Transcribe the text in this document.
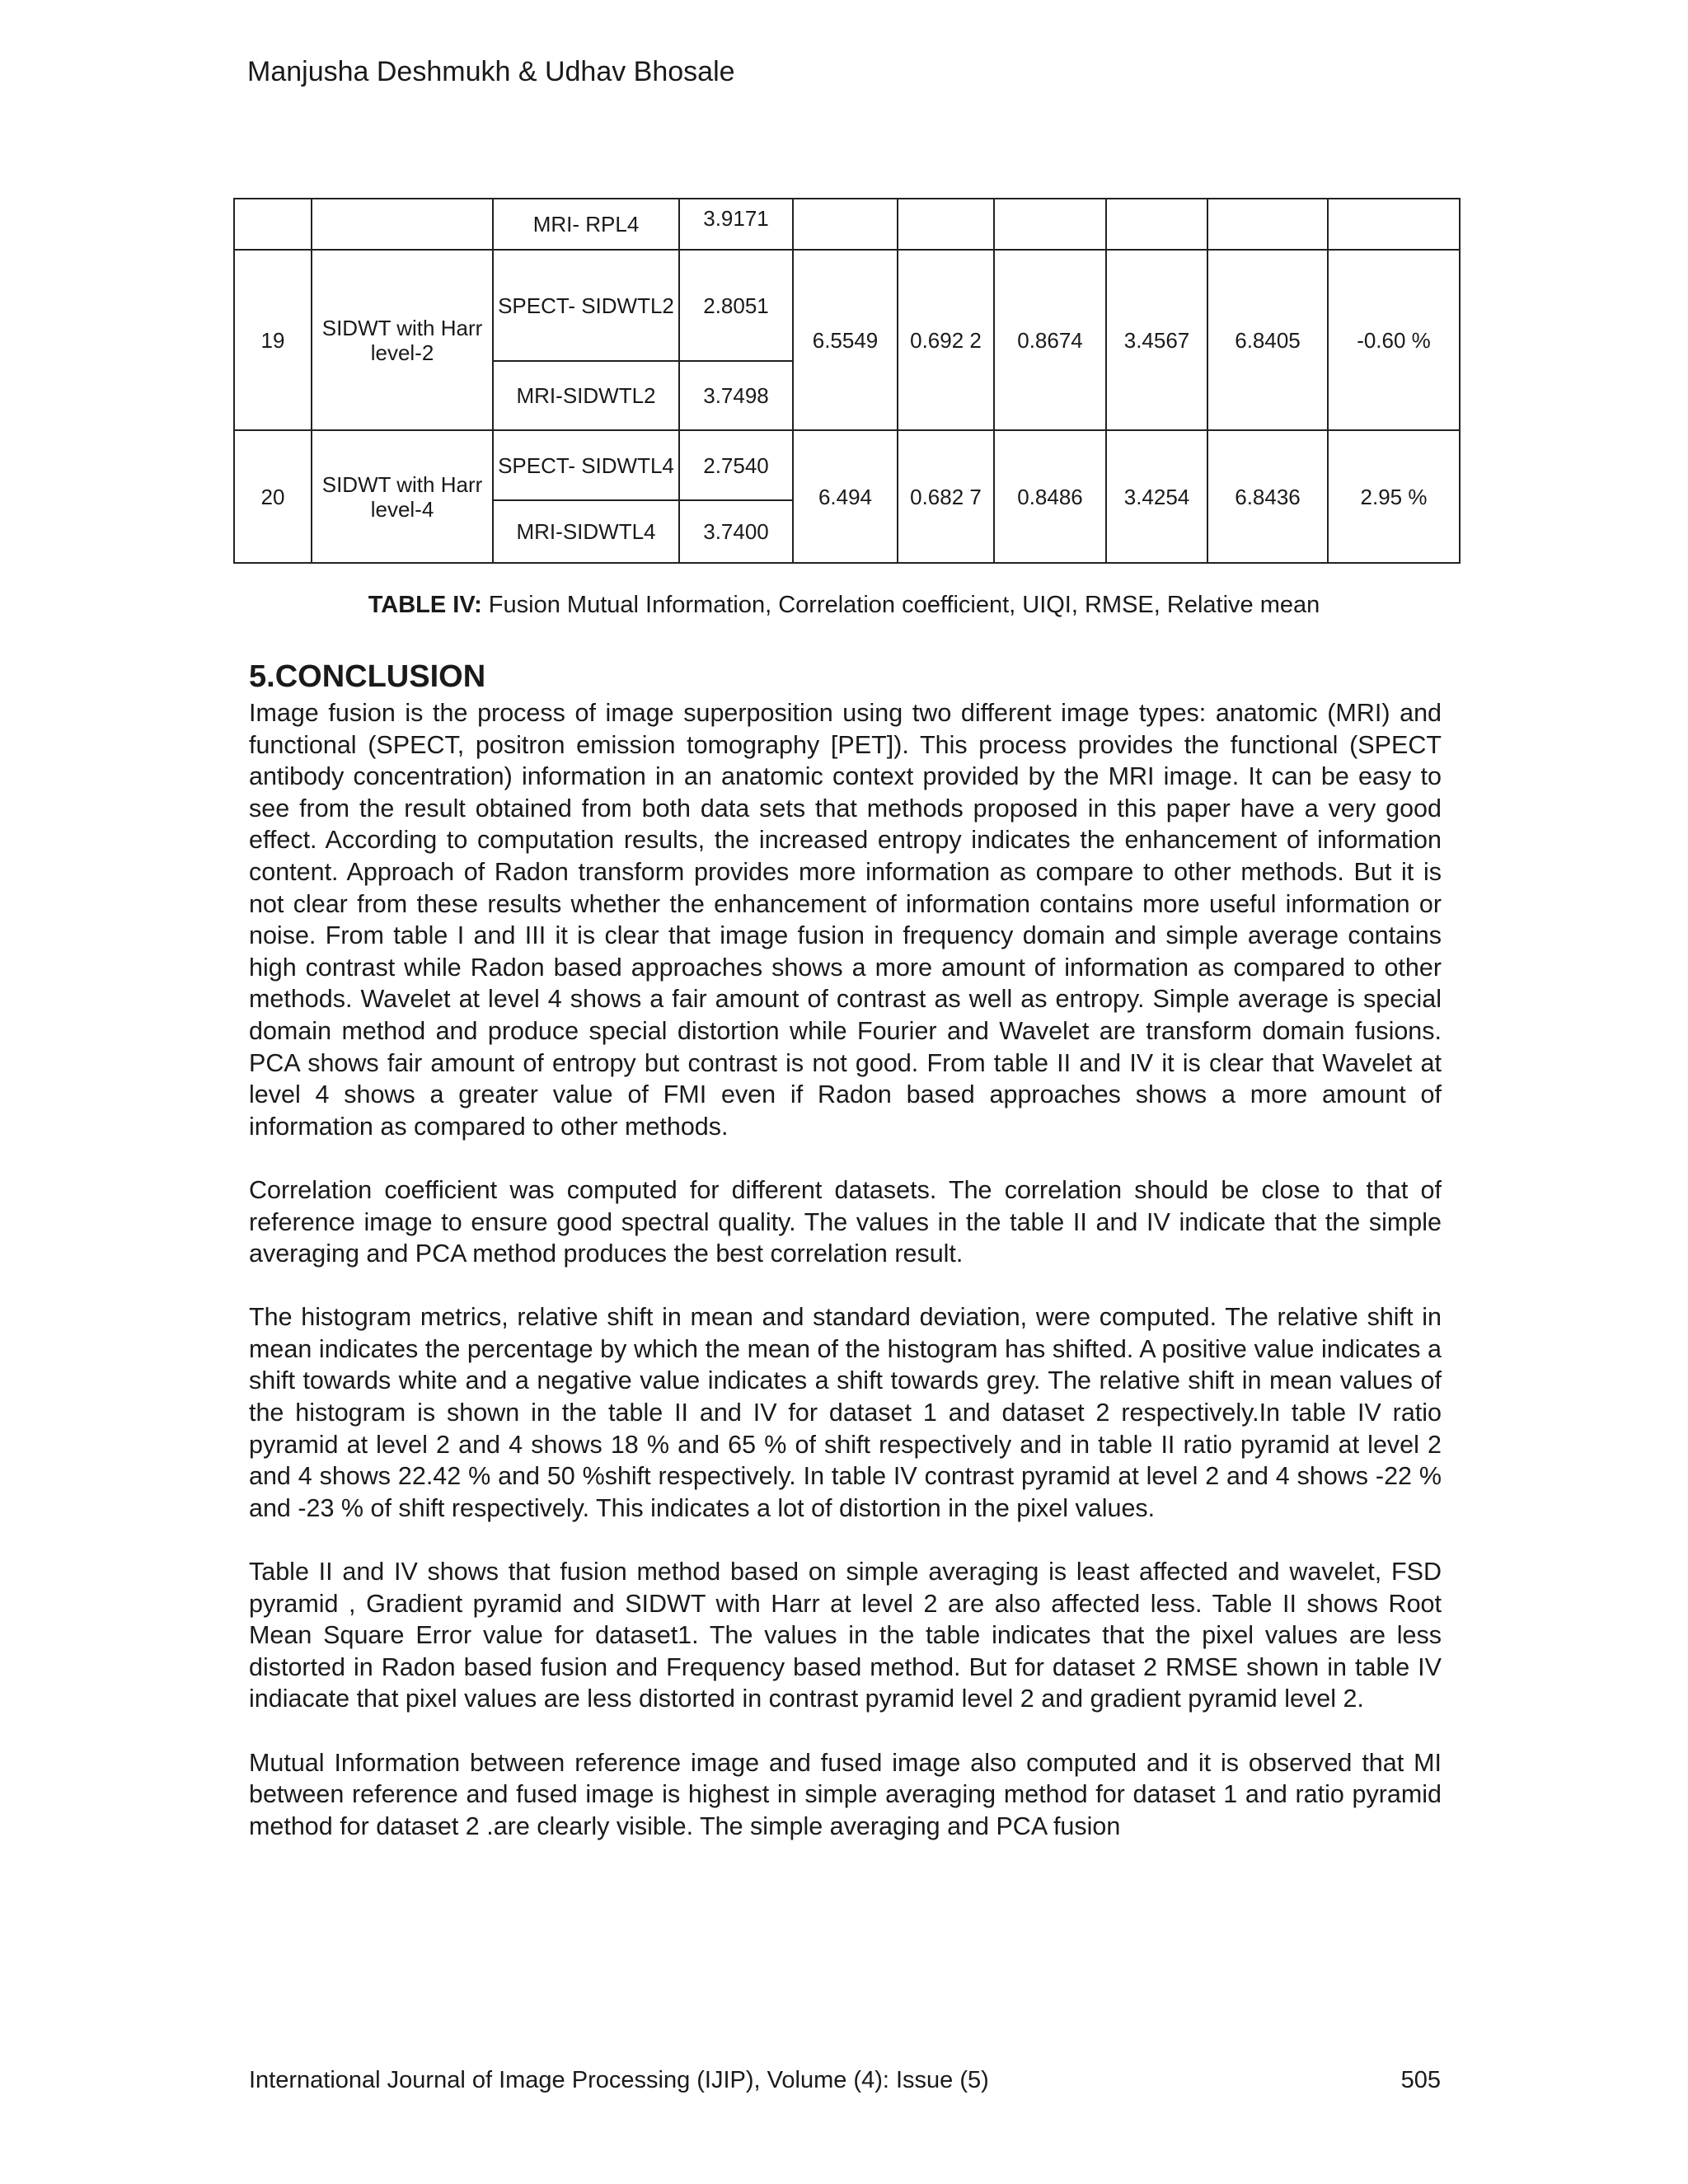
Manjusha Deshmukh & Udhav Bhosale
		MRI- RPL4	3.9171						
19	SIDWT with Harr level-2	SPECT- SIDWTL2	2.8051	6.5549	0.692 2	0.8674	3.4567	6.8405	-0.60 %
		MRI-SIDWTL2	3.7498						
20	SIDWT with Harr level-4	SPECT- SIDWTL4	2.7540	6.494	0.682 7	0.8486	3.4254	6.8436	2.95 %
		MRI-SIDWTL4	3.7400						
TABLE IV: Fusion Mutual Information, Correlation coefficient, UIQI, RMSE, Relative mean
5.CONCLUSION

Image fusion is the process of image superposition using two different image types: anatomic (MRI) and functional (SPECT, positron emission tomography [PET]). This process provides the functional (SPECT antibody concentration) information in an anatomic context provided by the MRI image. It can be easy to see from the result obtained from both data sets that methods proposed in this paper have a very good effect. According to computation results, the increased entropy indicates the enhancement of information content. Approach of Radon transform provides more information as compare to other methods. But it is not clear from these results whether the enhancement of information contains more useful information or noise. From table I and III it is clear that image fusion in frequency domain and simple average contains high contrast while Radon based approaches shows a more amount of information as compared to other methods. Wavelet at level 4 shows a fair amount of contrast as well as entropy. Simple average is special domain method and produce special distortion while Fourier and Wavelet are transform domain fusions. PCA shows fair amount of entropy but contrast is not good. From table II and IV it is clear that Wavelet at level 4 shows a greater value of FMI even if Radon based approaches shows a more amount of information as compared to other methods.

Correlation coefficient was computed for different datasets. The correlation should be close to that of reference image to ensure good spectral quality. The values in the table II and IV indicate that the simple averaging and PCA method produces the best correlation result.

The histogram metrics, relative shift in mean and standard deviation, were computed. The relative shift in mean indicates the percentage by which the mean of the histogram has shifted. A positive value indicates a shift towards white and a negative value indicates a shift towards grey. The relative shift in mean values of the histogram is shown in the table II and IV for dataset 1 and dataset 2 respectively.In table IV ratio pyramid at level 2 and 4 shows 18 % and 65 % of shift respectively and in table II ratio pyramid at level 2 and 4 shows 22.42 % and 50 %shift respectively. In table IV contrast pyramid at level 2 and 4 shows -22 % and -23 % of shift respectively. This indicates a lot of distortion in the pixel values.

Table II and IV shows that fusion method based on simple averaging is least affected and wavelet, FSD pyramid , Gradient pyramid and SIDWT with Harr at level 2 are also affected less. Table II shows Root Mean Square Error value for dataset1. The values in the table indicates that the pixel values are less distorted in Radon based fusion and Frequency based method. But for dataset 2 RMSE shown in table IV indiacate that pixel values are less distorted in contrast pyramid level 2 and gradient pyramid level 2.

Mutual Information between reference image and fused image also computed and it is observed that MI between reference and fused image is highest in simple averaging method for dataset 1 and ratio pyramid method for dataset 2 .are clearly visible. The simple averaging and PCA fusion

International Journal of Image Processing (IJIP), Volume (4): Issue (5)	505
